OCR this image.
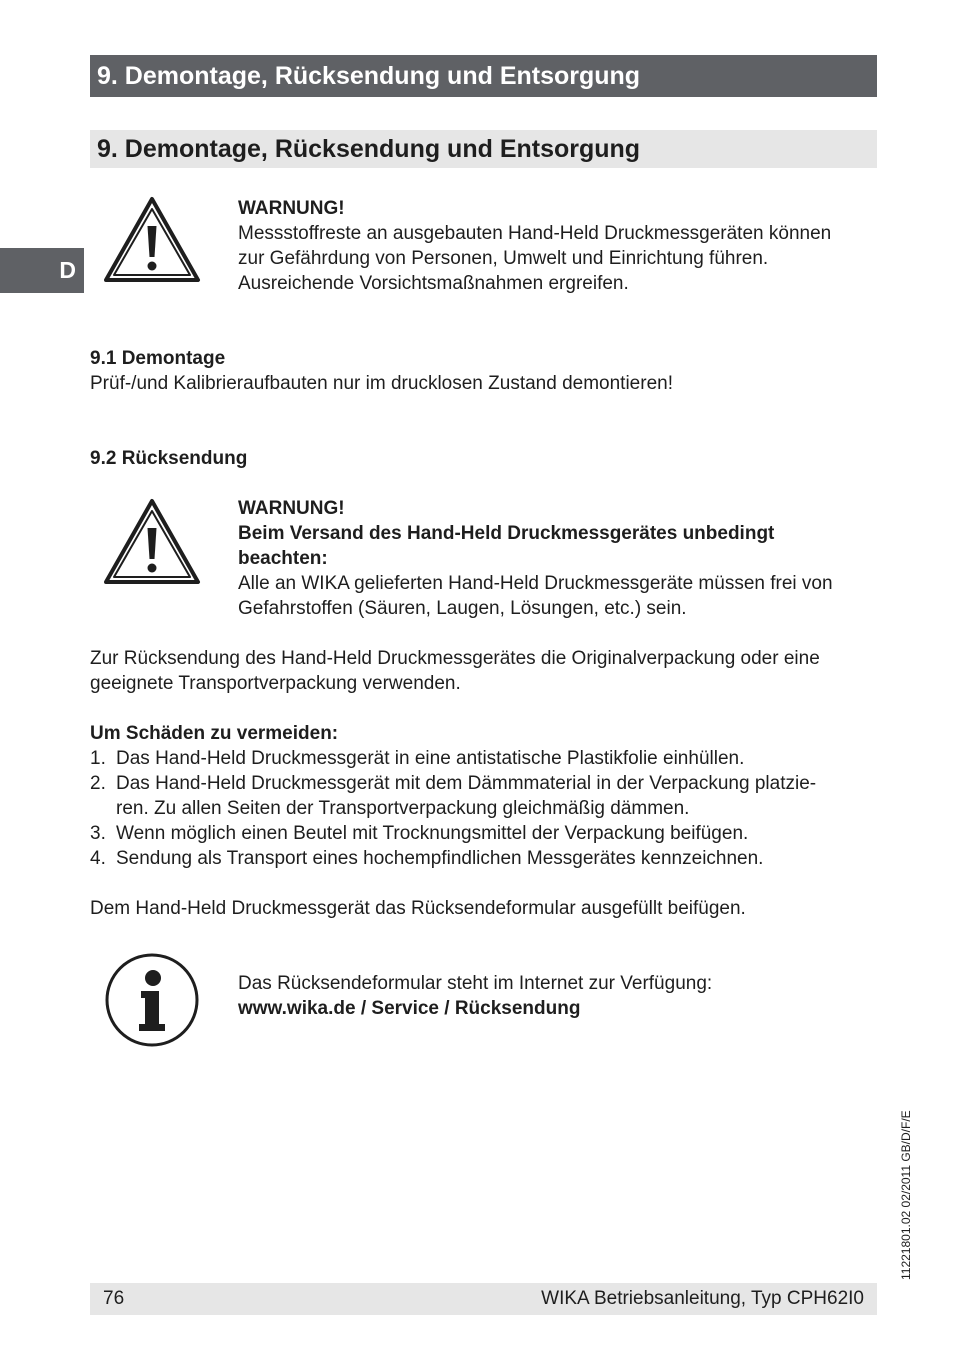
9. Demontage, Rücksendung und Entsorgung
D
9. Demontage, Rücksendung und Entsorgung
WARNUNG!
Messstoffreste an ausgebauten Hand-Held Druckmessgeräten können
zur Gefährdung von Personen, Umwelt und Einrichtung führen.
Ausreichende Vorsichtsmaßnahmen ergreifen.
9.1 Demontage
Prüf-/und Kalibrieraufbauten nur im drucklosen Zustand demontieren!
9.2 Rücksendung
WARNUNG!
Beim Versand des Hand-Held Druckmessgerätes unbedingt
beachten:
Alle an WIKA gelieferten Hand-Held Druckmessgeräte müssen frei von
Gefahrstoffen (Säuren, Laugen, Lösungen, etc.) sein.
Zur Rücksendung des Hand-Held Druckmessgerätes die Originalverpackung oder eine
geeignete Transportverpackung verwenden.
Um Schäden zu vermeiden:
1. Das Hand-Held Druckmessgerät in eine antistatische Plastikfolie einhüllen.
2. Das Hand-Held Druckmessgerät mit dem Dämmmaterial in der Verpackung platzie-
ren. Zu allen Seiten der Transportverpackung gleichmäßig dämmen.
3. Wenn möglich einen Beutel mit Trocknungsmittel der Verpackung beifügen.
4. Sendung als Transport eines hochempfindlichen Messgerätes kennzeichnen.
Dem Hand-Held Druckmessgerät das Rücksendeformular ausgefüllt beifügen.
Das Rücksendeformular steht im Internet zur Verfügung:
www.wika.de / Service / Rücksendung
11221801.02 02/2011 GB/D/F/E
76	WIKA Betriebsanleitung, Typ CPH62I0
